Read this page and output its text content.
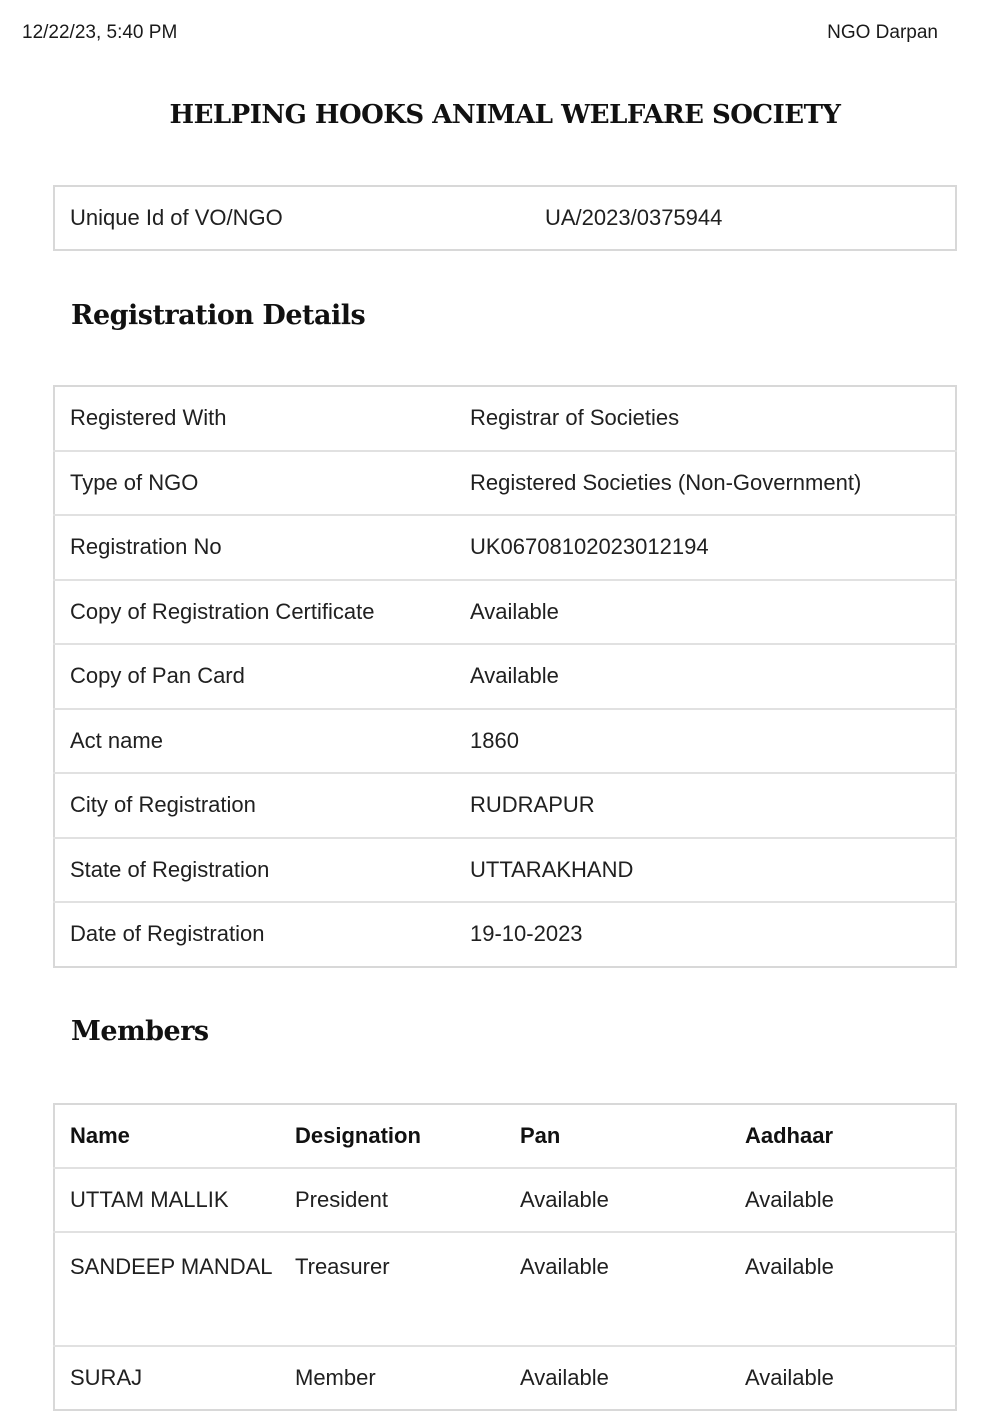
12/22/23, 5:40 PM	NGO Darpan
HELPING HOOKS ANIMAL WELFARE SOCIETY
Unique Id of VO/NGO	UA/2023/0375944
Registration Details
Registered With	Registrar of Societies
Type of NGO	Registered Societies (Non-Government)
Registration No	UK06708102023012194
Copy of Registration Certificate	Available
Copy of Pan Card	Available
Act name	1860
City of Registration	RUDRAPUR
State of Registration	UTTARAKHAND
Date of Registration	19-10-2023
Members
Name	Designation	Pan	Aadhaar
UTTAM MALLIK	President	Available	Available
SANDEEP MANDAL	Treasurer	Available	Available
SURAJ	Member	Available	Available
